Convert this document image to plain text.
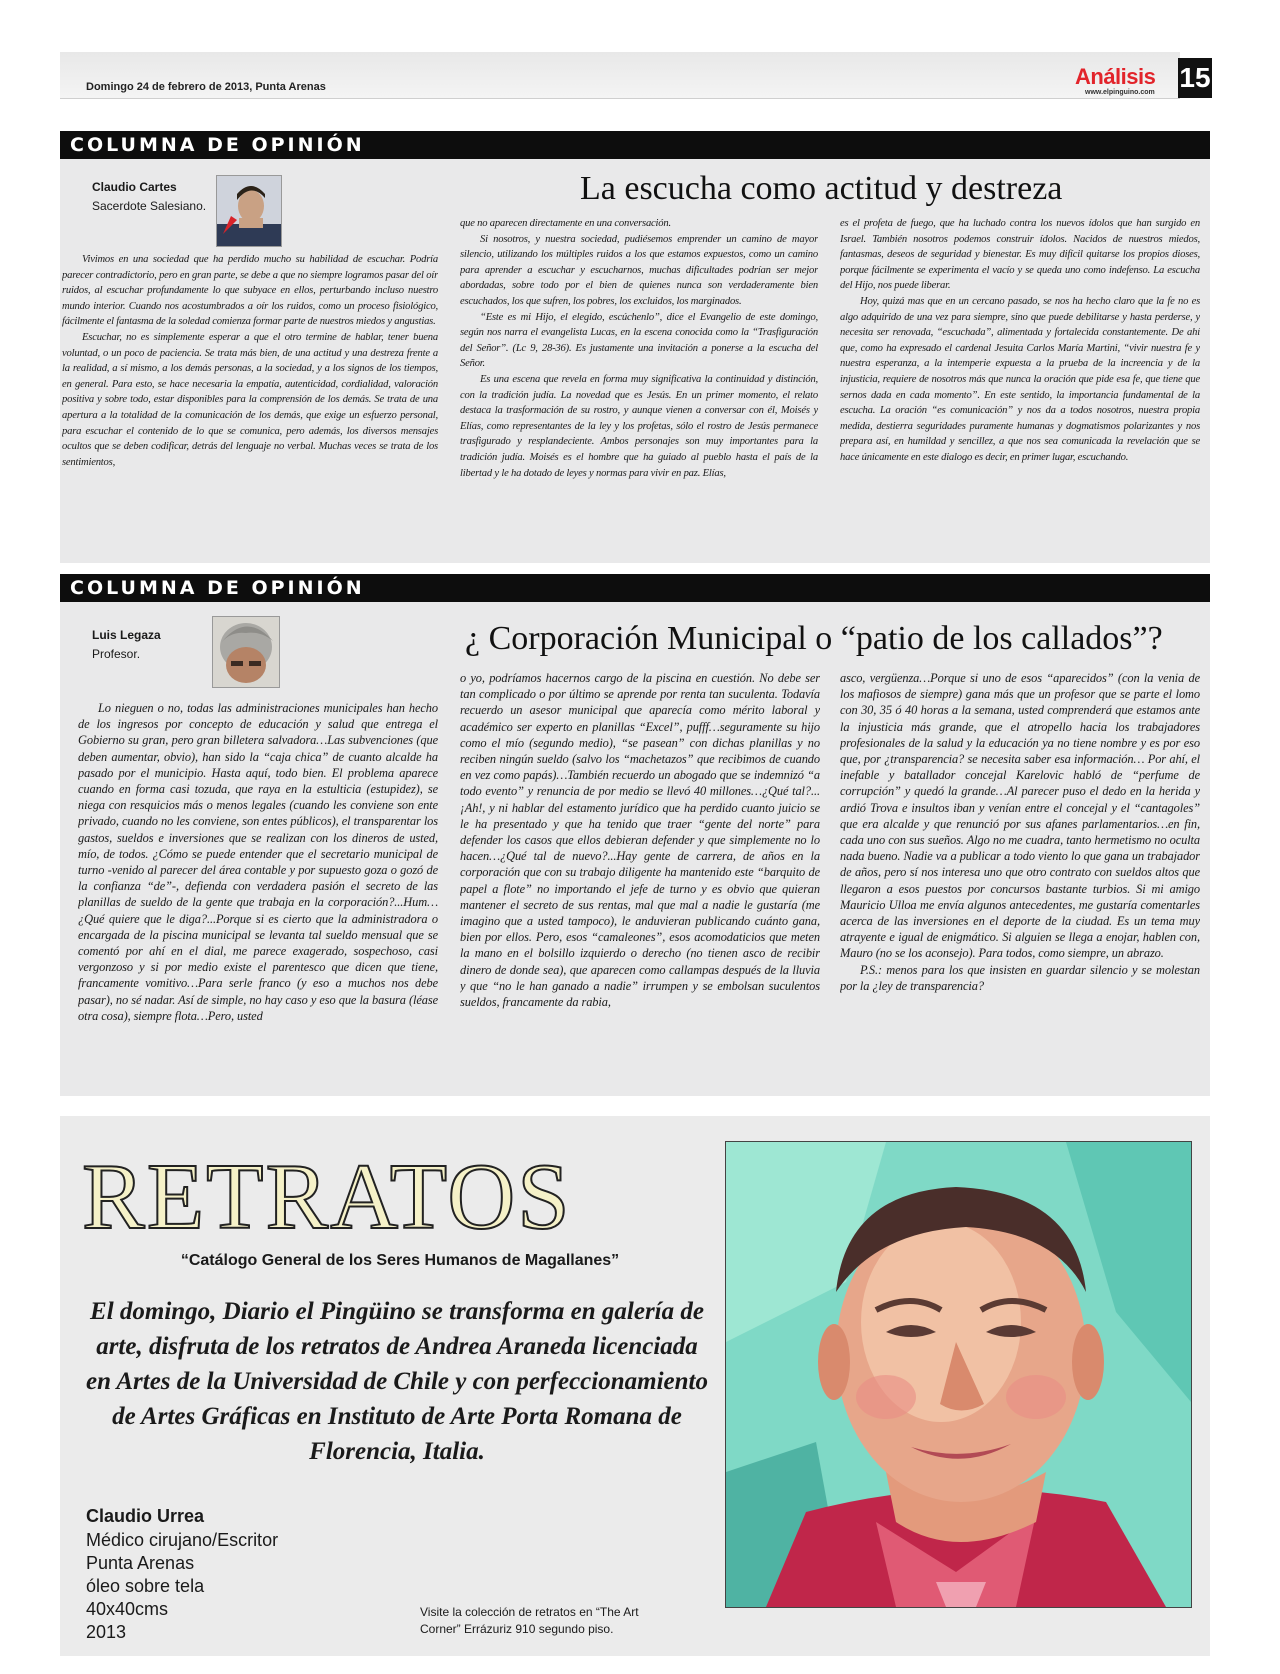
Domingo 24 de febrero de 2013, Punta Arenas	Análisis
www.elpinguino.com 15
COLUMNA DE OPINIÓN
Claudio Cartes
Sacerdote Salesiano.	La escucha como actitud y destreza

Vivimos en una sociedad que ha perdido mucho su habilidad de escuchar. Podría parecer contradictorio, pero en gran parte, se debe a que no siempre logramos pasar del oír ruidos, al escuchar profundamente lo que subyace en ellos, perturbando incluso nuestro mundo interior. Cuando nos acostumbrados a oír los ruidos, como un proceso fisiológico, fácilmente el fantasma de la soledad comienza formar parte de nuestros miedos y angustias.

Escuchar, no es simplemente esperar a que el otro termine de hablar, tener buena voluntad, o un poco de paciencia. Se trata más bien, de una actitud y una destreza frente a la realidad, a sí mismo, a los demás personas, a la sociedad, y a los signos de los tiempos, en general. Para esto, se hace necesaria la empatía, autenticidad, cordialidad, valoración positiva y sobre todo, estar disponibles para la comprensión de los demás. Se trata de una apertura a la totalidad de la comunicación de los demás, que exige un esfuerzo personal, para escuchar el contenido de lo que se comunica, pero además, los diversos mensajes ocultos que se deben codificar, detrás del lenguaje no verbal. Muchas veces se trata de los sentimientos,

que no aparecen directamente en una conversación.

Si nosotros, y nuestra sociedad, pudiésemos emprender un camino de mayor silencio, utilizando los múltiples ruidos a los que estamos expuestos, como un camino para aprender a escuchar y escucharnos, muchas dificultades podrían ser mejor abordadas, sobre todo por el bien de quienes nunca son verdaderamente bien escuchados, los que sufren, los pobres, los excluidos, los marginados.

“Este es mi Hijo, el elegido, escúchenlo”, dice el Evangelio de este domingo, según nos narra el evangelista Lucas, en la escena conocida como la “Trasfiguración del Señor”. (Lc 9, 28-36). Es justamente una invitación a ponerse a la escucha del Señor.

Es una escena que revela en forma muy significativa la continuidad y distinción, con la tradición judía. La novedad que es Jesús. En un primer momento, el relato destaca la trasformación de su rostro, y aunque vienen a conversar con él, Moisés y Elías, como representantes de la ley y los profetas, sólo el rostro de Jesús permanece trasfigurado y resplandeciente. Ambos personajes son muy importantes para la tradición judía. Moisés es el hombre que ha guiado al pueblo hasta el país de la libertad y le ha dotado de leyes y normas para vivir en paz. Elías,

es el profeta de fuego, que ha luchado contra los nuevos ídolos que han surgido en Israel. También nosotros podemos construir ídolos. Nacidos de nuestros miedos, fantasmas, deseos de seguridad y bienestar. Es muy difícil quitarse los propios dioses, porque fácilmente se experimenta el vacío y se queda uno como indefenso. La escucha del Hijo, nos puede liberar.

Hoy, quizá mas que en un cercano pasado, se nos ha hecho claro que la fe no es algo adquirido de una vez para siempre, sino que puede debilitarse y hasta perderse, y necesita ser renovada, “escuchada”, alimentada y fortalecida constantemente. De ahí que, como ha expresado el cardenal Jesuita Carlos María Martini, “vivir nuestra fe y nuestra esperanza, a la intemperie expuesta a la prueba de la increencia y de la injusticia, requiere de nosotros más que nunca la oración que pide esa fe, que tiene que sernos dada en cada momento”. En este sentido, la importancia fundamental de la escucha. La oración “es comunicación” y nos da a todos nosotros, nuestra propia medida, destierra seguridades puramente humanas y dogmatismos polarizantes y nos prepara así, en humildad y sencillez, a que nos sea comunicada la revelación que se hace únicamente en este dialogo es decir, en primer lugar, escuchando.

COLUMNA DE OPINIÓN
Luis Legaza
Profesor.	¿ Corporación Municipal o “patio de los callados”?

Lo nieguen o no, todas las administraciones municipales han hecho de los ingresos por concepto de educación y salud que entrega el Gobierno su gran, pero gran billetera salvadora…Las subvenciones (que deben aumentar, obvio), han sido la “caja chica” de cuanto alcalde ha pasado por el municipio. Hasta aquí, todo bien. El problema aparece cuando en forma casi tozuda, que raya en la estulticia (estupidez), se niega con resquicios más o menos legales (cuando les conviene son ente privado, cuando no les conviene, son entes públicos), el transparentar los gastos, sueldos e inversiones que se realizan con los dineros de usted, mío, de todos. ¿Cómo se puede entender que el secretario municipal de turno -venido al parecer del área contable y por supuesto goza o gozó de la confianza “de”-, defienda con verdadera pasión el secreto de las planillas de sueldo de la gente que trabaja en la corporación?...Hum…¿Qué quiere que le diga?...Porque si es cierto que la administradora o encargada de la piscina municipal se levanta tal sueldo mensual que se comentó por ahí en el dial, me parece exagerado, sospechoso, casi vergonzoso y si por medio existe el parentesco que dicen que tiene, francamente vomitivo…Para serle franco (y eso a muchos nos debe pasar), no sé nadar. Así de simple, no hay caso y eso que la basura (léase otra cosa), siempre flota…Pero, usted

o yo, podríamos hacernos cargo de la piscina en cuestión. No debe ser tan complicado o por último se aprende por renta tan suculenta. Todavía recuerdo un asesor municipal que aparecía como mérito laboral y académico ser experto en planillas “Excel”, pufff…seguramente su hijo como el mío (segundo medio), “se pasean” con dichas planillas y no reciben ningún sueldo (salvo los “machetazos” que recibimos de cuando en vez como papás)…También recuerdo un abogado que se indemnizó “a todo evento” y renuncia de por medio se llevó 40 millones…¿Qué tal?...¡Ah!, y ni hablar del estamento jurídico que ha perdido cuanto juicio se le ha presentado y que ha tenido que traer “gente del norte” para defender los casos que ellos debieran defender y que simplemente no lo hacen…¿Qué tal de nuevo?...Hay gente de carrera, de años en la corporación que con su trabajo diligente ha mantenido este “barquito de papel a flote” no importando el jefe de turno y es obvio que quieran mantener el secreto de sus rentas, mal que mal a nadie le gustaría (me imagino que a usted tampoco), le anduvieran publicando cuánto gana, bien por ellos. Pero, esos “camaleones”, esos acomodaticios que meten la mano en el bolsillo izquierdo o derecho (no tienen asco de recibir dinero de donde sea), que aparecen como callampas después de la lluvia y que “no le han ganado a nadie” irrumpen y se embolsan suculentos sueldos, francamente da rabia,

asco, vergüenza…Porque si uno de esos “aparecidos” (con la venia de los mafiosos de siempre) gana más que un profesor que se parte el lomo con 30, 35 ó 40 horas a la semana, usted comprenderá que estamos ante la injusticia más grande, que el atropello hacia los trabajadores profesionales de la salud y la educación ya no tiene nombre y es por eso que, por ¿transparencia? se necesita saber esa información… Por ahí, el inefable y batallador concejal Karelovic habló de “perfume de corrupción” y quedó la grande…Al parecer puso el dedo en la herida y ardió Trova e insultos iban y venían entre el concejal y el “cantagoles” que era alcalde y que renunció por sus afanes parlamentarios…en fin, cada uno con sus sueños. Algo no me cuadra, tanto hermetismo no oculta nada bueno. Nadie va a publicar a todo viento lo que gana un trabajador de años, pero sí nos interesa uno que otro contrato con sueldos altos que llegaron a esos puestos por concursos bastante turbios. Si mi amigo Mauricio Ulloa me envía algunos antecedentes, me gustaría comentarles acerca de las inversiones en el deporte de la ciudad. Es un tema muy atrayente e igual de enigmático. Si alguien se llega a enojar, hablen con, Mauro (no se los aconsejo). Para todos, como siempre, un abrazo.

P.S.: menos para los que insisten en guardar silencio y se molestan por la ¿ley de transparencia?

RETRATOS
“Catálogo General de los Seres Humanos de Magallanes”
El domingo, Diario el Pingüino se transforma en galería de arte, disfruta de los retratos de Andrea Araneda licenciada en Artes de la Universidad de Chile y con perfeccionamiento de Artes Gráficas en Instituto de Arte Porta Romana de Florencia, Italia.
Claudio Urrea
Médico cirujano/Escritor
Punta Arenas
óleo sobre tela
40x40cms
2013
Visite la colección de retratos en “The Art Corner” Errázuriz 910 segundo piso.
